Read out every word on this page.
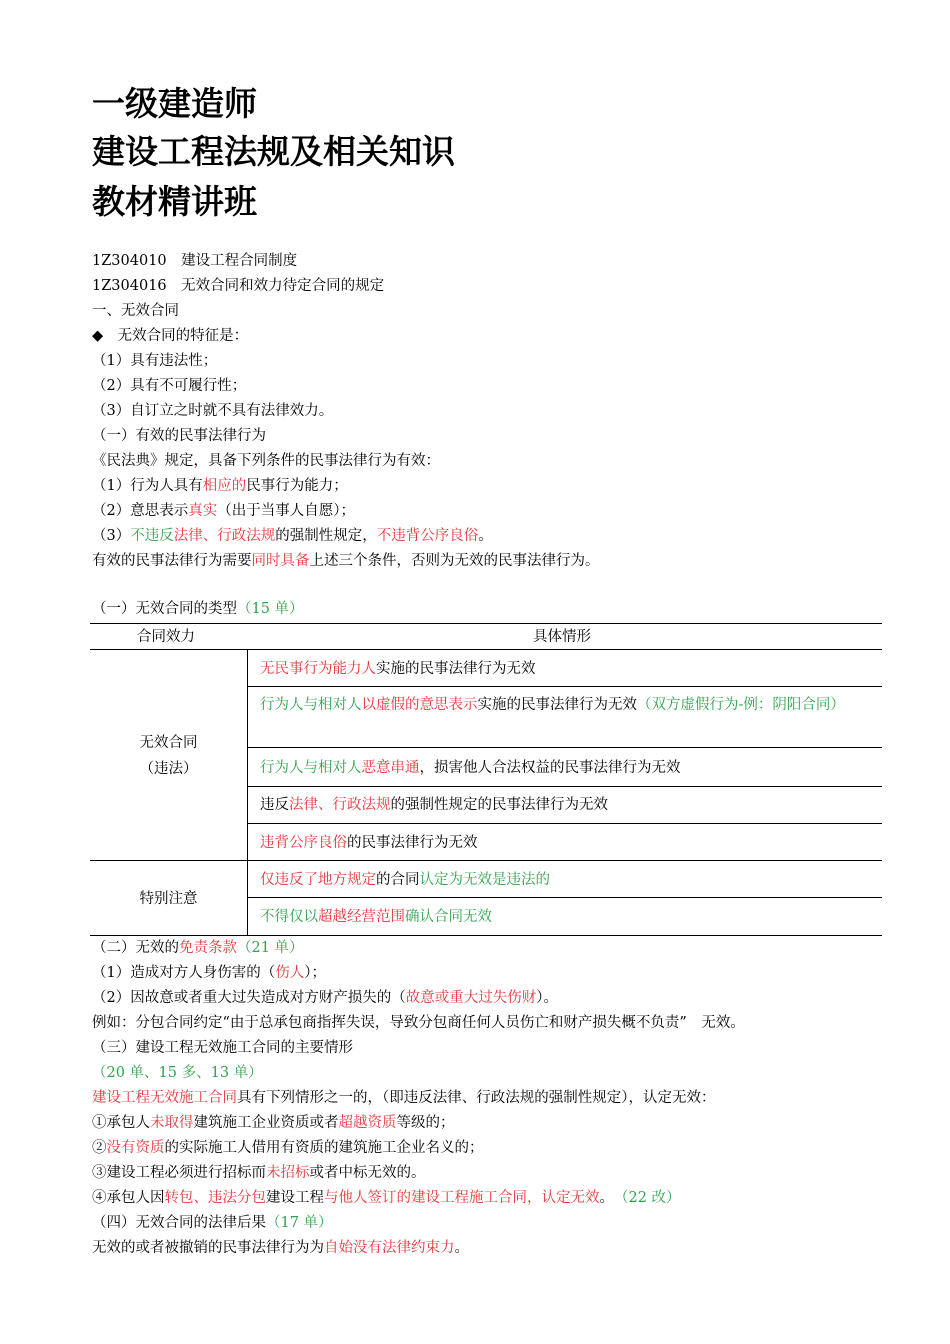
一级建造师
建设工程法规及相关知识
教材精讲班
1Z304010　建设工程合同制度
1Z304016　无效合同和效力待定合同的规定
一、无效合同
◆　无效合同的特征是：
（1）具有违法性；
（2）具有不可履行性；
（3）自订立之时就不具有法律效力。
（一）有效的民事法律行为
《民法典》规定，具备下列条件的民事法律行为有效：
（1）行为人具有相应的民事行为能力；
（2）意思表示真实（出于当事人自愿）；
（3）不违反法律、行政法规的强制性规定，不违背公序良俗。
有效的民事法律行为需要同时具备上述三个条件，否则为无效的民事法律行为。
（一）无效合同的类型（15 单）
合同效力	具体情形
无效合同
（违法）
无民事行为能力人实施的民事法律行为无效
行为人与相对人以虚假的意思表示实施的民事法律行为无效（双方虚假行为-例：阴阳合同）
行为人与相对人恶意串通，损害他人合法权益的民事法律行为无效
违反法律、行政法规的强制性规定的民事法律行为无效
违背公序良俗的民事法律行为无效
特别注意
仅违反了地方规定的合同认定为无效是违法的
不得仅以超越经营范围确认合同无效
（二）无效的免责条款（21 单）
（1）造成对方人身伤害的（伤人）；
（2）因故意或者重大过失造成对方财产损失的（故意或重大过失伤财）。
例如：分包合同约定“由于总承包商指挥失误，导致分包商任何人员伤亡和财产损失概不负责”　无效。
（三）建设工程无效施工合同的主要情形
（20 单、15 多、13 单）
建设工程无效施工合同具有下列情形之一的，（即违反法律、行政法规的强制性规定），认定无效：
①承包人未取得建筑施工企业资质或者超越资质等级的；
②没有资质的实际施工人借用有资质的建筑施工企业名义的；
③建设工程必须进行招标而未招标或者中标无效的。
④承包人因转包、违法分包建设工程与他人签订的建设工程施工合同，认定无效。　（22 改）
（四）无效合同的法律后果（17 单）
无效的或者被撤销的民事法律行为为自始没有法律约束力。
